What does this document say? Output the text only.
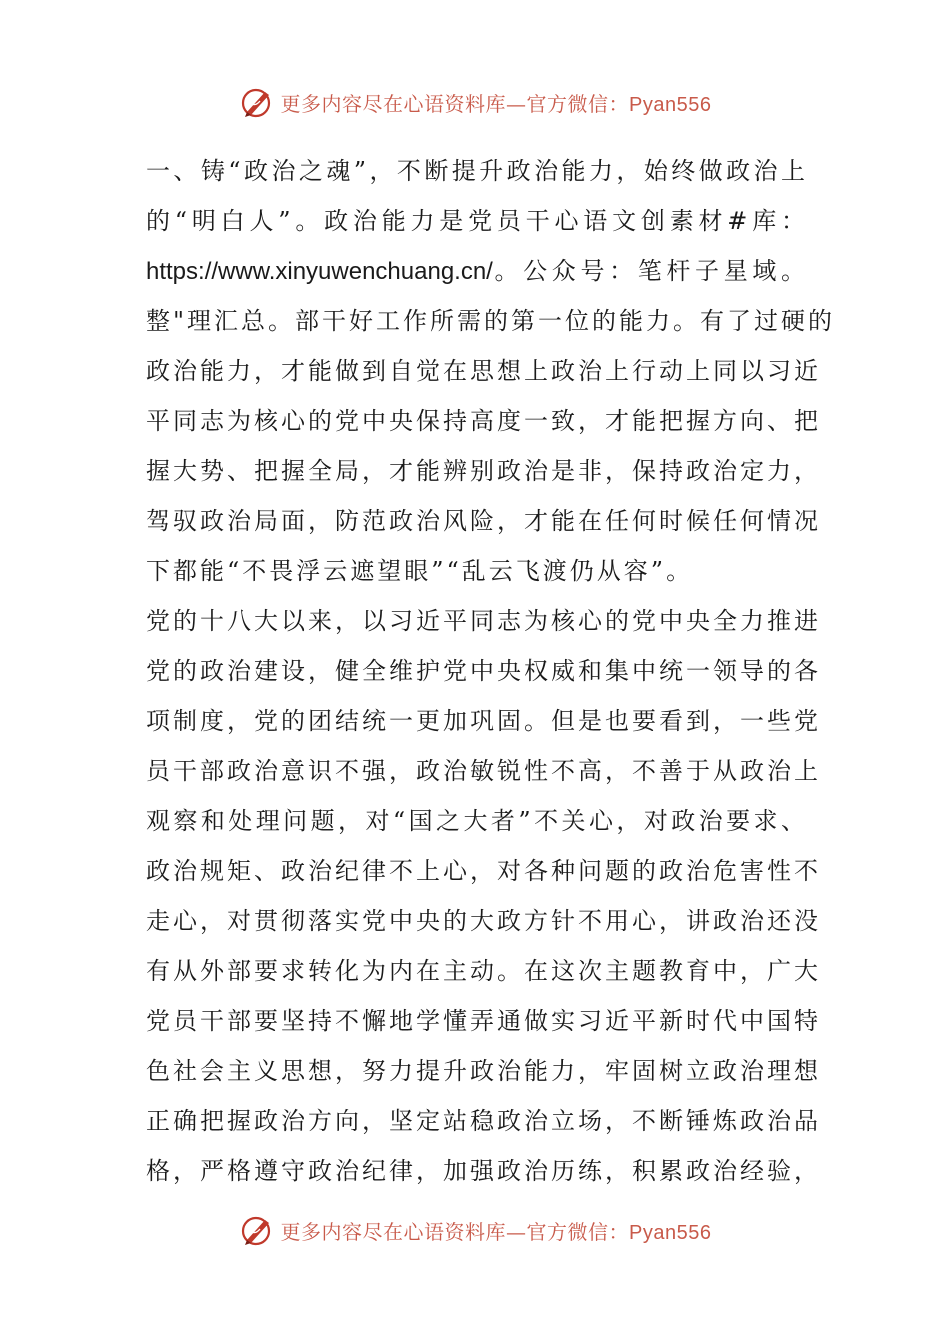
更多内容尽在心语资料库—官方微信：Pyan556
一、铸“政治之魂”，不断提升政治能力，始终做政治上
的“明白人”。政治能力是党员干心语文创素材#库：
https://www.xinyuwenchuang.cn/。公众号：笔杆子星域。
整"理汇总。部干好工作所需的第一位的能力。有了过硬的
政治能力，才能做到自觉在思想上政治上行动上同以习近
平同志为核心的党中央保持高度一致，才能把握方向、把
握大势、把握全局，才能辨别政治是非，保持政治定力，
驾驭政治局面，防范政治风险，才能在任何时候任何情况
下都能“不畏浮云遮望眼”“乱云飞渡仍从容”。
党的十八大以来，以习近平同志为核心的党中央全力推进
党的政治建设，健全维护党中央权威和集中统一领导的各
项制度，党的团结统一更加巩固。但是也要看到，一些党
员干部政治意识不强，政治敏锐性不高，不善于从政治上
观察和处理问题，对“国之大者”不关心，对政治要求、
政治规矩、政治纪律不上心，对各种问题的政治危害性不
走心，对贯彻落实党中央的大政方针不用心，讲政治还没
有从外部要求转化为内在主动。在这次主题教育中，广大
党员干部要坚持不懈地学懂弄通做实习近平新时代中国特
色社会主义思想，努力提升政治能力，牢固树立政治理想
正确把握政治方向，坚定站稳政治立场，不断锤炼政治品
格，严格遵守政治纪律，加强政治历练，积累政治经验，
更多内容尽在心语资料库—官方微信：Pyan556
